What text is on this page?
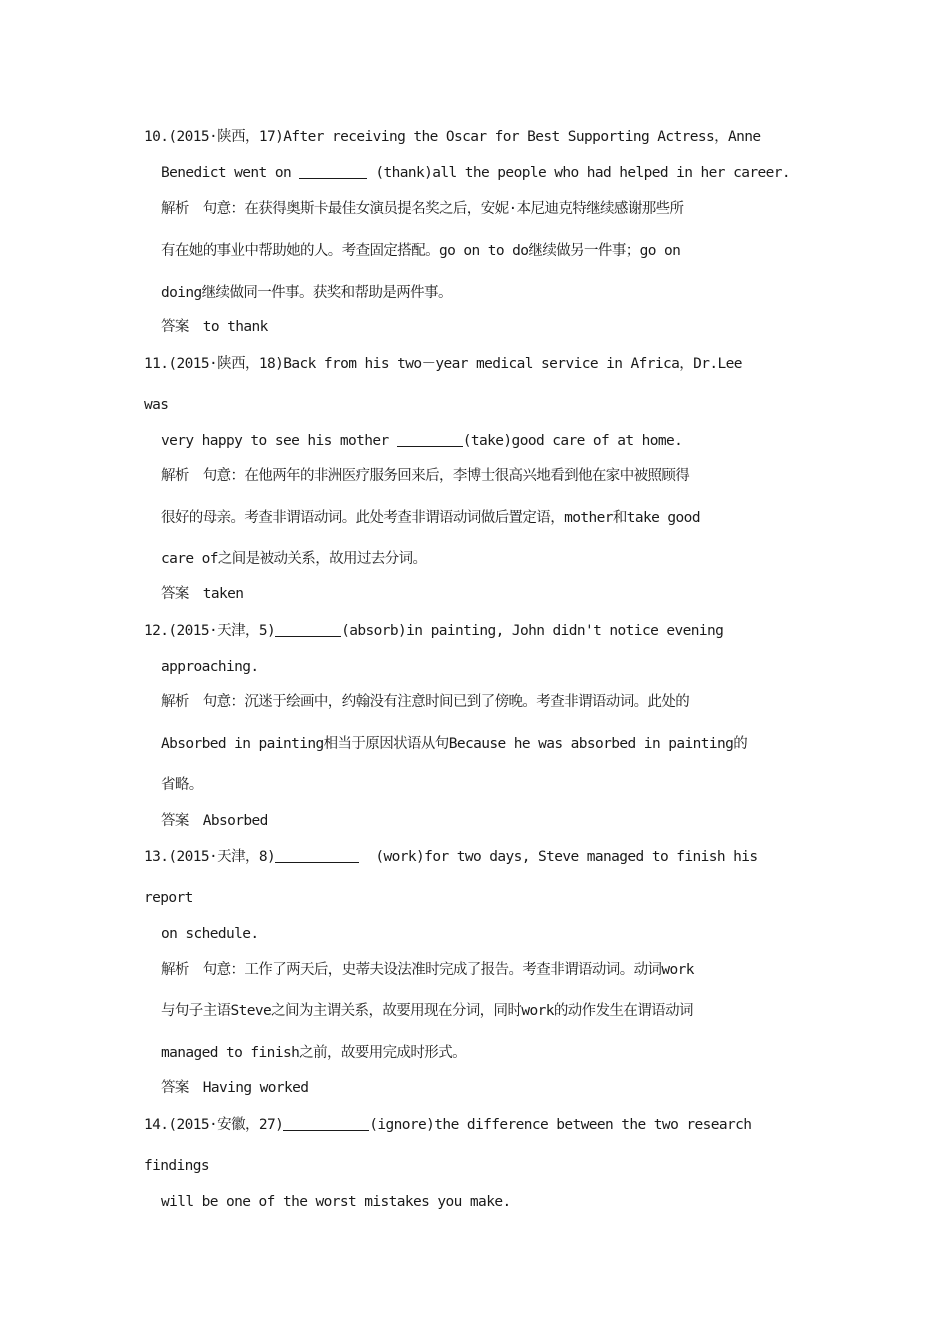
10.(2015·陕西，17)After receiving the Oscar for Best Supporting Actress，Anne
Benedict went on	(thank)all the people who had helped in her career.
解析　句意：在获得奥斯卡最佳女演员提名奖之后，安妮·本尼迪克特继续感谢那些所
有在她的事业中帮助她的人。考查固定搭配。go on to do继续做另一件事；go on
doing继续做同一件事。获奖和帮助是两件事。
答案　to thank
11.(2015·陕西，18)Back from his two－year medical service in Africa，Dr.Lee
was
very happy to see his mother	(take)good care of at home.
解析　句意：在他两年的非洲医疗服务回来后，李博士很高兴地看到他在家中被照顾得
很好的母亲。考查非谓语动词。此处考查非谓语动词做后置定语，mother和take good
care of之间是被动关系，故用过去分词。
答案　taken
12.(2015·天津，5)	(absorb)in painting, John didn't notice evening
approaching.
解析　句意：沉迷于绘画中，约翰没有注意时间已到了傍晚。考查非谓语动词。此处的
Absorbed in painting相当于原因状语从句Because he was absorbed in painting的
省略。
答案　Absorbed
13.(2015·天津，8)	(work)for two days, Steve managed to finish his
report
on schedule.
解析　句意：工作了两天后，史蒂夫设法准时完成了报告。考查非谓语动词。动词work
与句子主语Steve之间为主谓关系，故要用现在分词，同时work的动作发生在谓语动词
managed to finish之前，故要用完成时形式。
答案　Having worked
14.(2015·安徽，27)	(ignore)the difference between the two research
findings
will be one of the worst mistakes you make.
